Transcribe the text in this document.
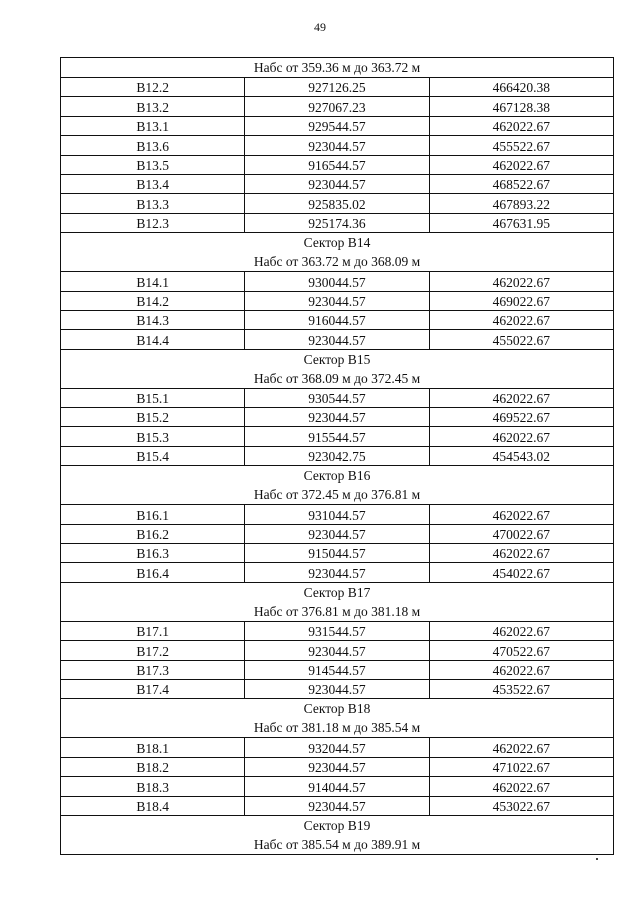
49
Набс от 359.36 м до 363.72 м		
B12.2	927126.25	466420.38
B13.2	927067.23	467128.38
B13.1	929544.57	462022.67
B13.6	923044.57	455522.67
B13.5	916544.57	462022.67
B13.4	923044.57	468522.67
B13.3	925835.02	467893.22
B12.3	925174.36	467631.95

Сектор B14
Набс от 363.72 м до 368.09 м		

B14.1	930044.57	462022.67
B14.2	923044.57	469022.67
B14.3	916044.57	462022.67
B14.4	923044.57	455022.67

Сектор B15
Набс от 368.09 м до 372.45 м		

B15.1	930544.57	462022.67
B15.2	923044.57	469522.67
B15.3	915544.57	462022.67
B15.4	923042.75	454543.02

Сектор B16
Набс от 372.45 м до 376.81 м		

B16.1	931044.57	462022.67
B16.2	923044.57	470022.67
B16.3	915044.57	462022.67
B16.4	923044.57	454022.67

Сектор B17
Набс от 376.81 м до 381.18 м		

B17.1	931544.57	462022.67
B17.2	923044.57	470522.67
B17.3	914544.57	462022.67
B17.4	923044.57	453522.67

Сектор B18
Набс от 381.18 м до 385.54 м		

B18.1	932044.57	462022.67
B18.2	923044.57	471022.67
B18.3	914044.57	462022.67
B18.4	923044.57	453022.67

Сектор B19
Набс от 385.54 м до 389.91 м		
